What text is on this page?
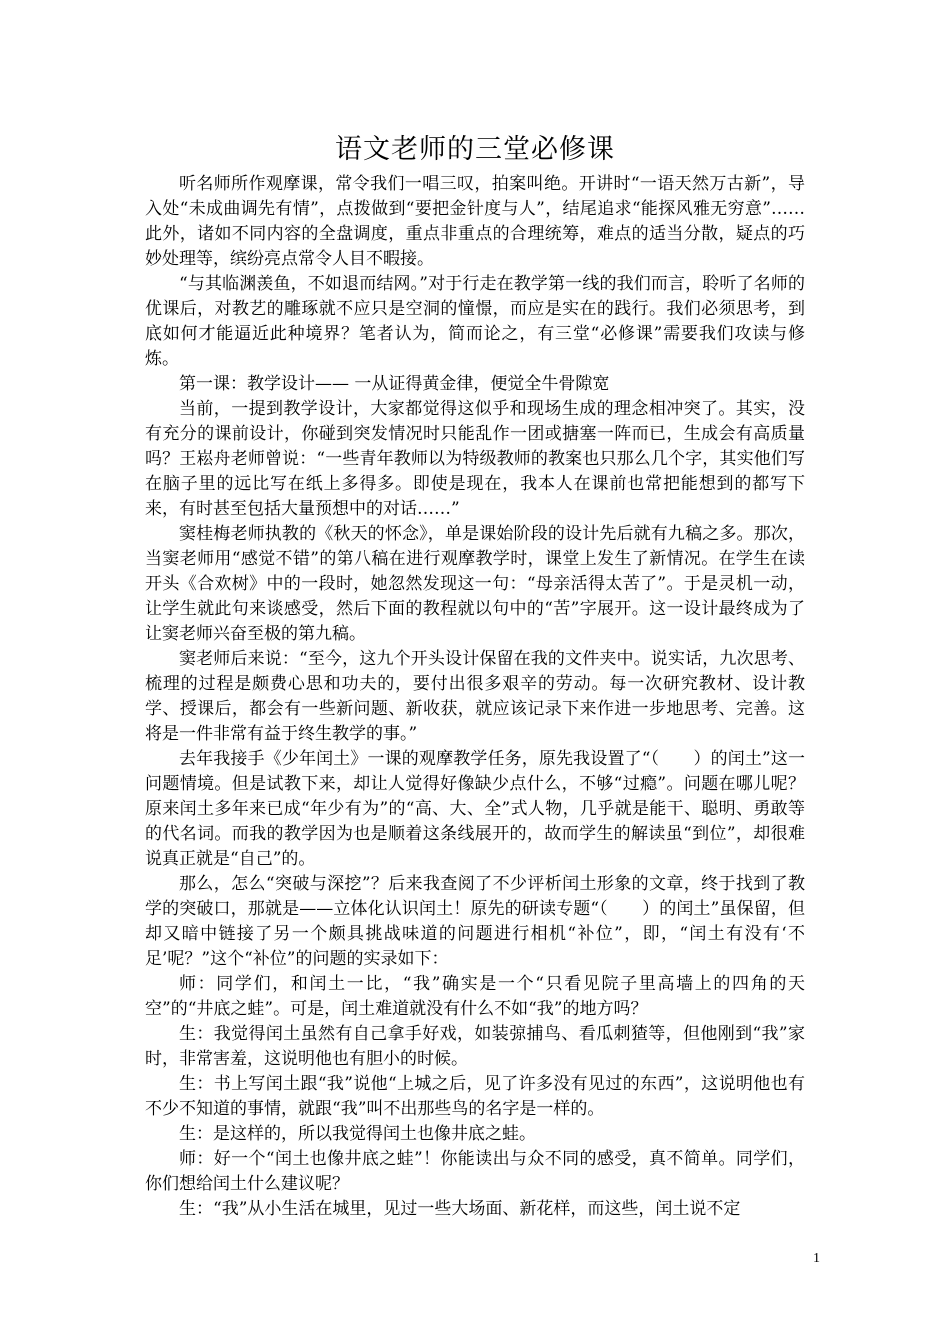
语文老师的三堂必修课

听名师所作观摩课，常令我们一唱三叹，拍案叫绝。开讲时“一语天然万古新”，导入处“未成曲调先有情”，点拨做到“要把金针度与人”，结尾追求“能探风雅无穷意”……此外，诸如不同内容的全盘调度，重点非重点的合理统筹，难点的适当分散，疑点的巧妙处理等，缤纷亮点常令人目不暇接。

“与其临渊羡鱼，不如退而结网。”对于行走在教学第一线的我们而言，聆听了名师的优课后，对教艺的雕琢就不应只是空洞的憧憬，而应是实在的践行。我们必须思考，到底如何才能逼近此种境界？笔者认为，简而论之，有三堂“必修课”需要我们攻读与修炼。

第一课：教学设计—— 一从证得黄金律，便觉全牛骨隙宽

当前，一提到教学设计，大家都觉得这似乎和现场生成的理念相冲突了。其实，没有充分的课前设计，你碰到突发情况时只能乱作一团或搪塞一阵而已，生成会有高质量吗？王崧舟老师曾说：“一些青年教师以为特级教师的教案也只那么几个字，其实他们写在脑子里的远比写在纸上多得多。即使是现在，我本人在课前也常把能想到的都写下来，有时甚至包括大量预想中的对话……”

窦桂梅老师执教的《秋天的怀念》，单是课始阶段的设计先后就有九稿之多。那次，当窦老师用“感觉不错”的第八稿在进行观摩教学时，课堂上发生了新情况。在学生在读开头《合欢树》中的一段时，她忽然发现这一句：“母亲活得太苦了”。于是灵机一动，让学生就此句来谈感受，然后下面的教程就以句中的“苦”字展开。这一设计最终成为了让窦老师兴奋至极的第九稿。

窦老师后来说：“至今，这九个开头设计保留在我的文件夹中。说实话，九次思考、梳理的过程是颇费心思和功夫的，要付出很多艰辛的劳动。每一次研究教材、设计教学、授课后，都会有一些新问题、新收获，就应该记录下来作进一步地思考、完善。这将是一件非常有益于终生教学的事。”

去年我接手《少年闰土》一课的观摩教学任务，原先我设置了“（　　）的闰土”这一问题情境。但是试教下来，却让人觉得好像缺少点什么，不够“过瘾”。问题在哪儿呢？原来闰土多年来已成“年少有为”的“高、大、全”式人物，几乎就是能干、聪明、勇敢等的代名词。而我的教学因为也是顺着这条线展开的，故而学生的解读虽“到位”，却很难说真正就是“自己”的。

那么，怎么“突破与深挖”？后来我查阅了不少评析闰土形象的文章，终于找到了教学的突破口，那就是——立体化认识闰土！原先的研读专题“（　　）的闰土”虽保留，但却又暗中链接了另一个颇具挑战味道的问题进行相机“补位”，即，“闰土有没有‘不足’呢？”这个“补位”的问题的实录如下：

师：同学们，和闰土一比，“我”确实是一个“只看见院子里高墙上的四角的天空”的“井底之蛙”。可是，闰土难道就没有什么不如“我”的地方吗？

生：我觉得闰土虽然有自己拿手好戏，如装弶捕鸟、看瓜刺猹等，但他刚到“我”家时，非常害羞，这说明他也有胆小的时候。

生：书上写闰土跟“我”说他“上城之后，见了许多没有见过的东西”，这说明他也有不少不知道的事情，就跟“我”叫不出那些鸟的名字是一样的。

生：是这样的，所以我觉得闰土也像井底之蛙。

师：好一个“闰土也像井底之蛙”！你能读出与众不同的感受，真不简单。同学们，你们想给闰土什么建议呢？

生：“我”从小生活在城里，见过一些大场面、新花样，而这些，闰土说不定

1
